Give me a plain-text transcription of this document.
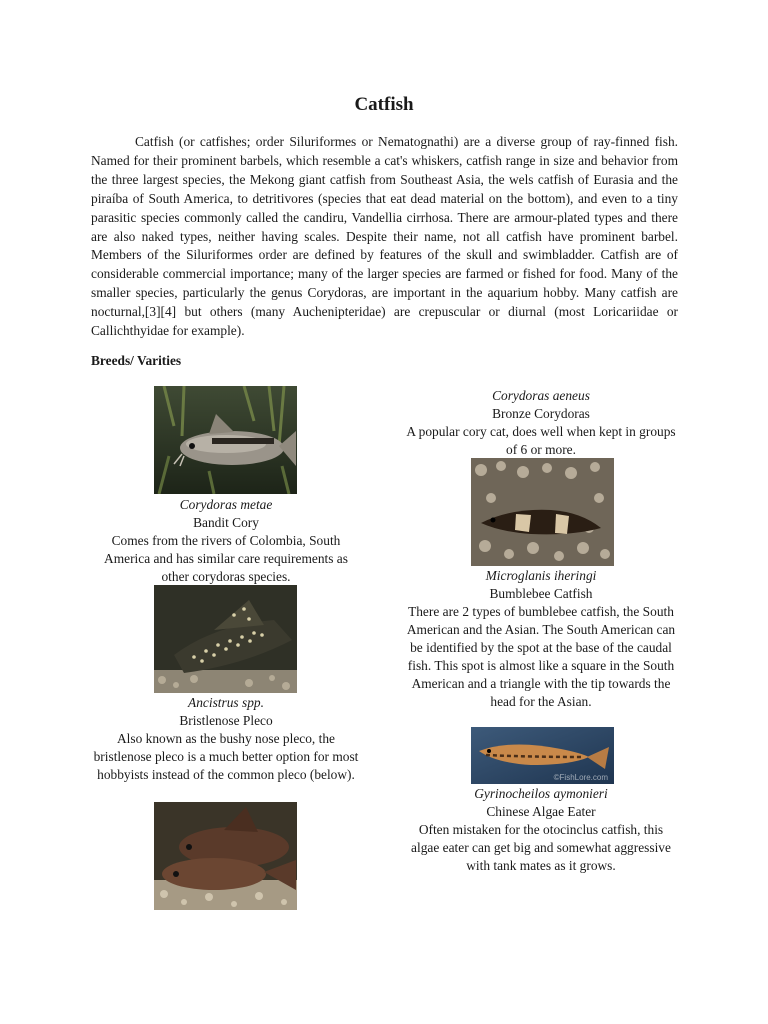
Catfish

Catfish (or catfishes; order Siluriformes or Nematognathi) are a diverse group of ray-finned fish. Named for their prominent barbels, which resemble a cat's whiskers, catfish range in size and behavior from the three largest species, the Mekong giant catfish from Southeast Asia, the wels catfish of Eurasia and the piraíba of South America, to detritivores (species that eat dead material on the bottom), and even to a tiny parasitic species commonly called the candiru, Vandellia cirrhosa. There are armour-plated types and there are also naked types, neither having scales. Despite their name, not all catfish have prominent barbel. Members of the Siluriformes order are defined by features of the skull and swimbladder. Catfish are of considerable commercial importance; many of the larger species are farmed or fished for food. Many of the smaller species, particularly the genus Corydoras, are important in the aquarium hobby. Many catfish are nocturnal,[3][4] but others (many Auchenipteridae) are crepuscular or diurnal (most Loricariidae or Callichthyidae for example).

Breeds/ Varities
Corydoras metae
Bandit Cory
Comes from the rivers of Colombia, South America and has similar care requirements as other corydoras species.
Ancistrus spp.
Bristlenose Pleco
Also known as the bushy nose pleco, the bristlenose pleco is a much better option for most hobbyists instead of the common pleco (below).
Corydoras aeneus
Bronze Corydoras
A popular cory cat, does well when kept in groups of 6 or more.
Microglanis iheringi
Bumblebee Catfish
There are 2 types of bumblebee catfish, the South American and the Asian. The South American can be identified by the spot at the base of the caudal fish. This spot is almost like a square in the South American and a triangle with the tip towards the head for the Asian.
©FishLore.com
Gyrinocheilos aymonieri
Chinese Algae Eater
Often mistaken for the otocinclus catfish, this algae eater can get big and somewhat aggressive with tank mates as it grows.
